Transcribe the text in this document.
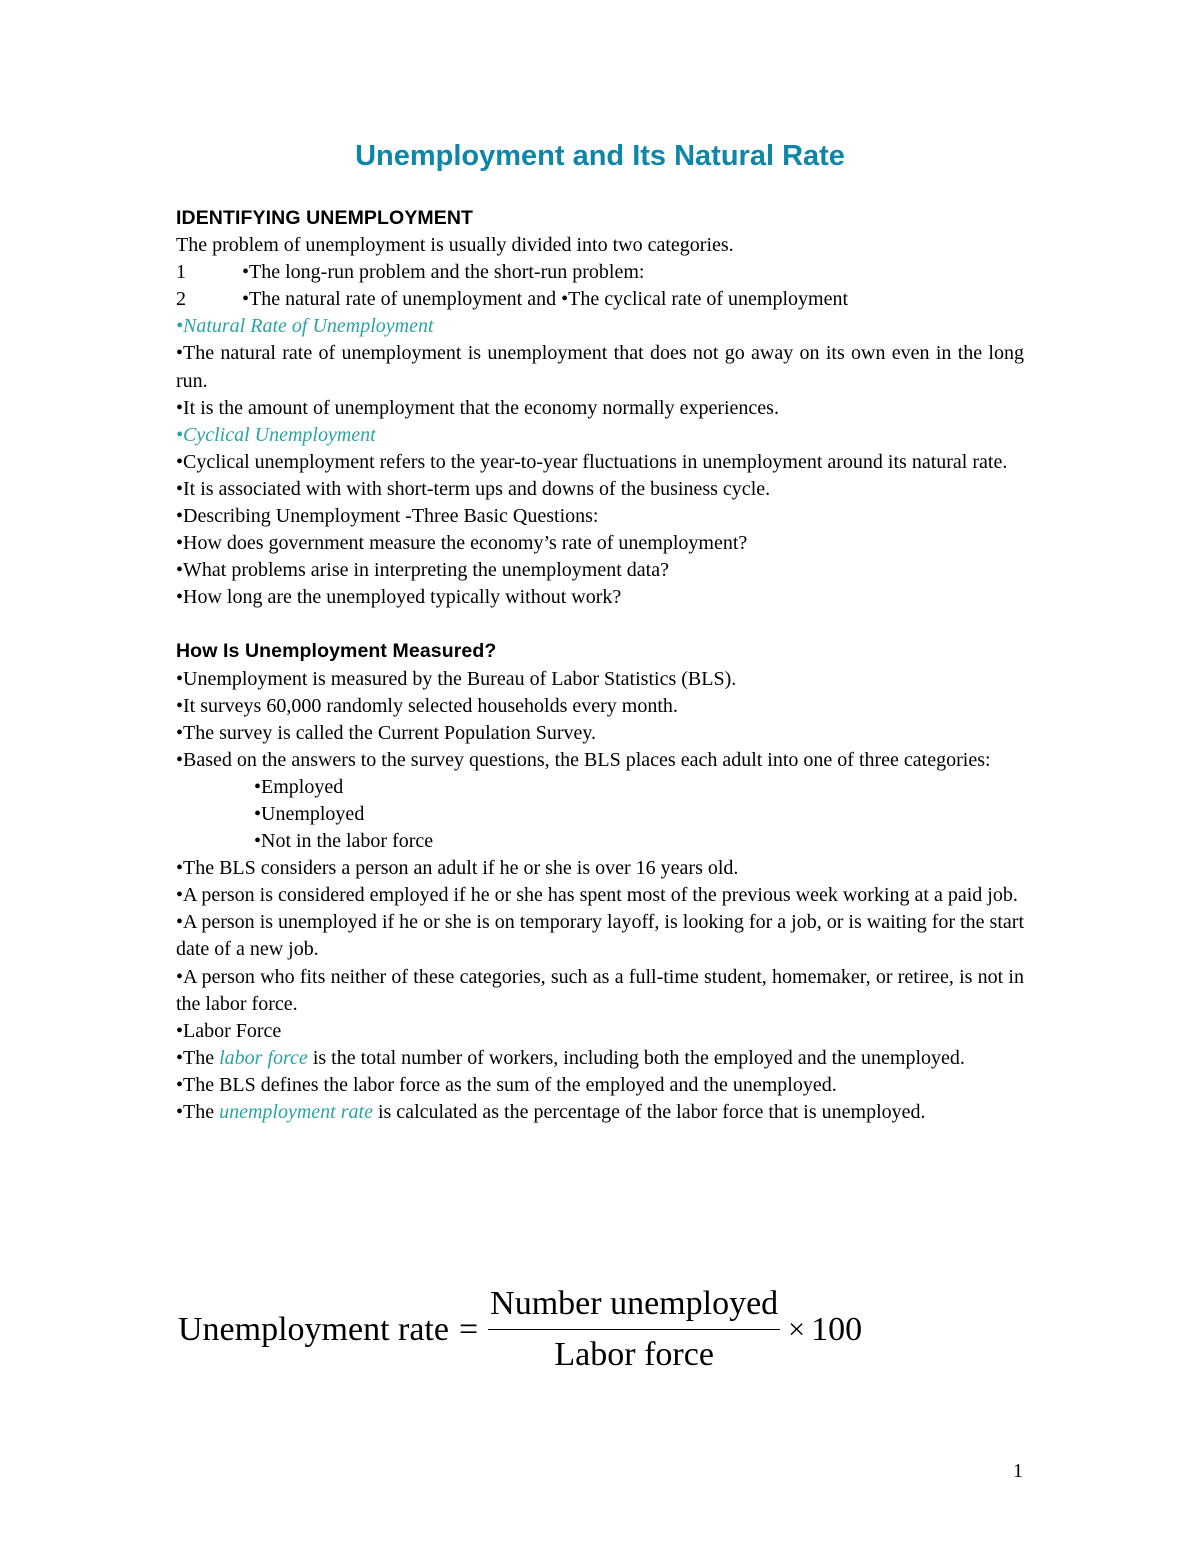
Unemployment and Its Natural Rate

IDENTIFYING UNEMPLOYMENT

The problem of unemployment is usually divided into two categories.

1	•The long-run problem and the short-run problem:

2	•The natural rate of unemployment and •The cyclical rate of unemployment

•Natural Rate of Unemployment

•The natural rate of unemployment is unemployment that does not go away on its own even in the long run.

•It is the amount of unemployment that the economy normally experiences.

•Cyclical Unemployment

•Cyclical unemployment refers to the year-to-year fluctuations in unemployment around its natural rate.

•It is associated with with short-term ups and downs of the business cycle.

•Describing Unemployment -Three Basic Questions:

•How does government measure the economy’s rate of unemployment?

•What problems arise in interpreting the unemployment data?

•How long are the unemployed typically without work?

How Is Unemployment Measured?

•Unemployment is measured by the Bureau of Labor Statistics (BLS).

•It surveys 60,000 randomly selected households every month.

•The survey is called the Current Population Survey.

•Based on the answers to the survey questions, the BLS places each adult into one of three categories:

•Employed

•Unemployed

•Not in the labor force

•The BLS considers a person an adult if he or she is over 16 years old.

•A person is considered employed if he or she has spent most of the previous week working at a paid job.

•A person is unemployed if he or she is on temporary layoff, is looking for a job, or is waiting for the start date of a new job.

•A person who fits neither of these categories, such as a full-time student, homemaker, or retiree, is not in the labor force.

•Labor Force

•The labor force is the total number of workers, including both the employed and the unemployed.

•The BLS defines the labor force as the sum of the employed and the unemployed.

•The unemployment rate is calculated as the percentage of the labor force that is unemployed.

Unemployment rate = $\frac{\text{Number unemployed}}{\text{Labor force}} \times 100$
1
